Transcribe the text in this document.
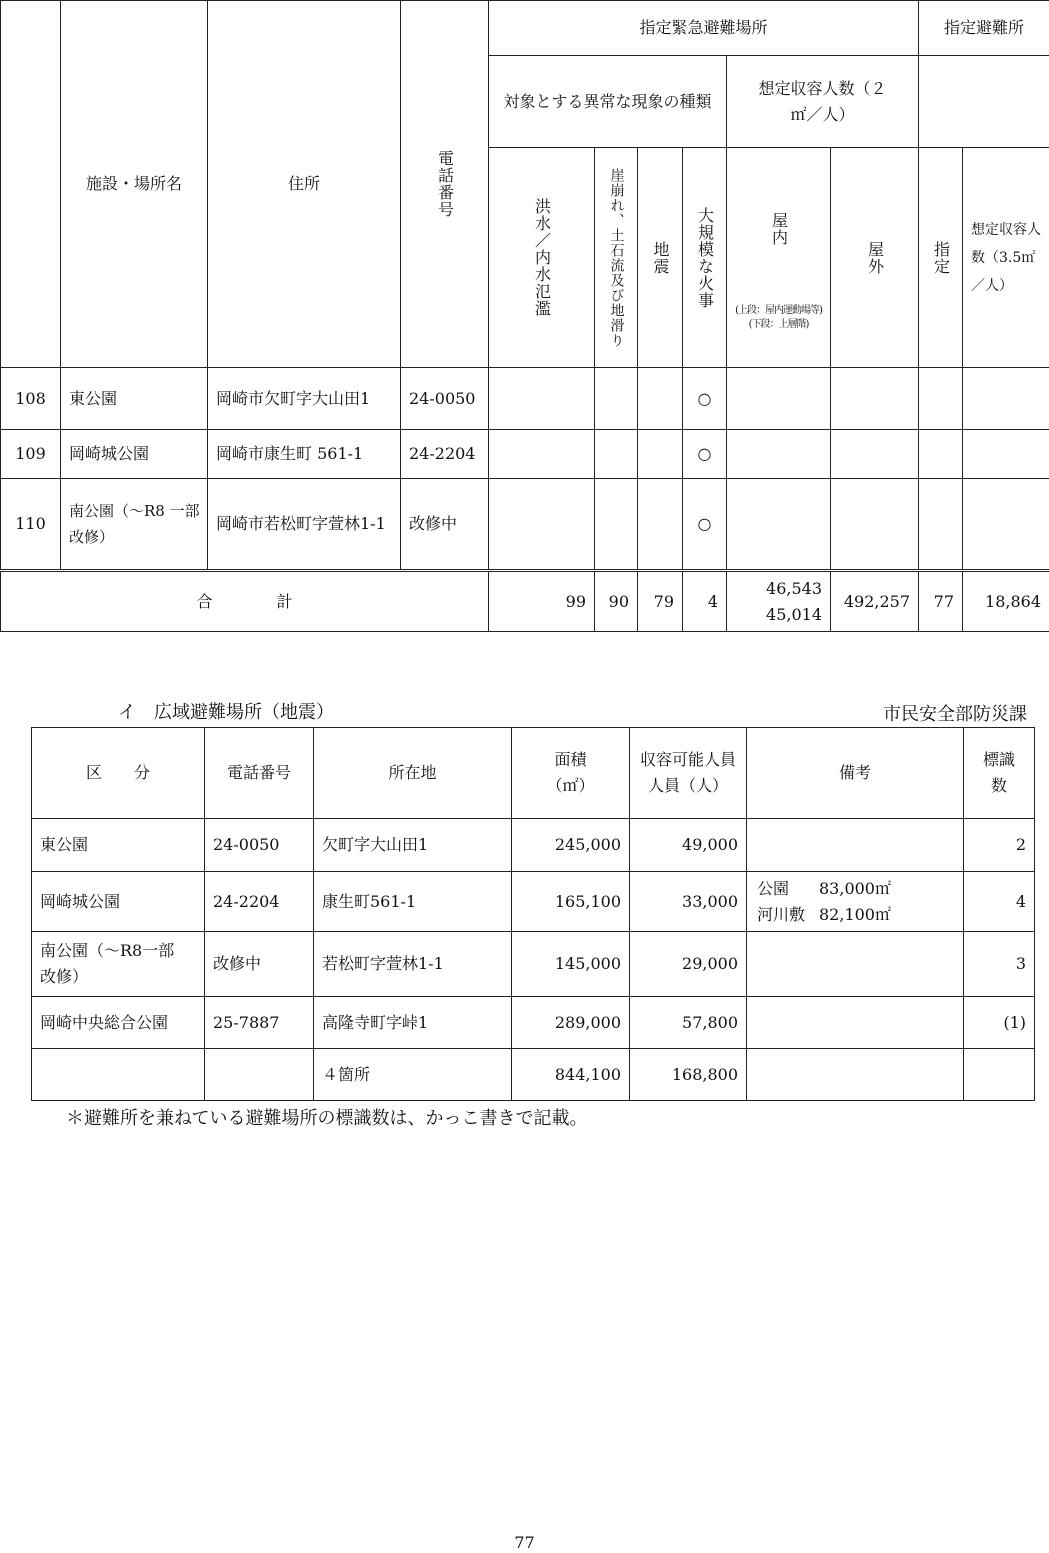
	施設・場所名	住所	電話番号	指定緊急避難場所						指定避難所	
				対象とする異常な現象の種類				想定収容人数（２㎡／人）			

				洪水／内水氾濫	崖崩れ、土石流及び地滑り	地震	大規模な火事	屋内
(上段：屋内運動場等)
(下段：上層階)	屋外	指定	想定収容人数（3.5㎡／人）
108	東公園	岡崎市欠町字大山田1	24-0050				○				
109	岡崎城公園	岡崎市康生町 561-1	24-2204				○				
110	南公園（～R8 一部改修）	岡崎市若松町字萱林1-1	改修中				○				
合　　　　計				99	90	79	4	46,543
45,014	492,257	77	18,864
イ　広域避難場所（地震）	市民安全部防災課
区　　分	電話番号	所在地	面積（㎡）	収容可能人員人員（人）	備考	標識数
東公園	24-0050	欠町字大山田1	245,000	49,000		2
岡崎城公園	24-2204	康生町561-1	165,100	33,000	公園 83,000㎡
河川敷 82,100㎡	4
南公園（～R8一部改修）	改修中	若松町字萱林1-1	145,000	29,000		3
岡崎中央総合公園	25-7887	高隆寺町字峠1	289,000	57,800		(1)
		４箇所	844,100	168,800		
＊避難所を兼ねている避難場所の標識数は、かっこ書きで記載。
77
